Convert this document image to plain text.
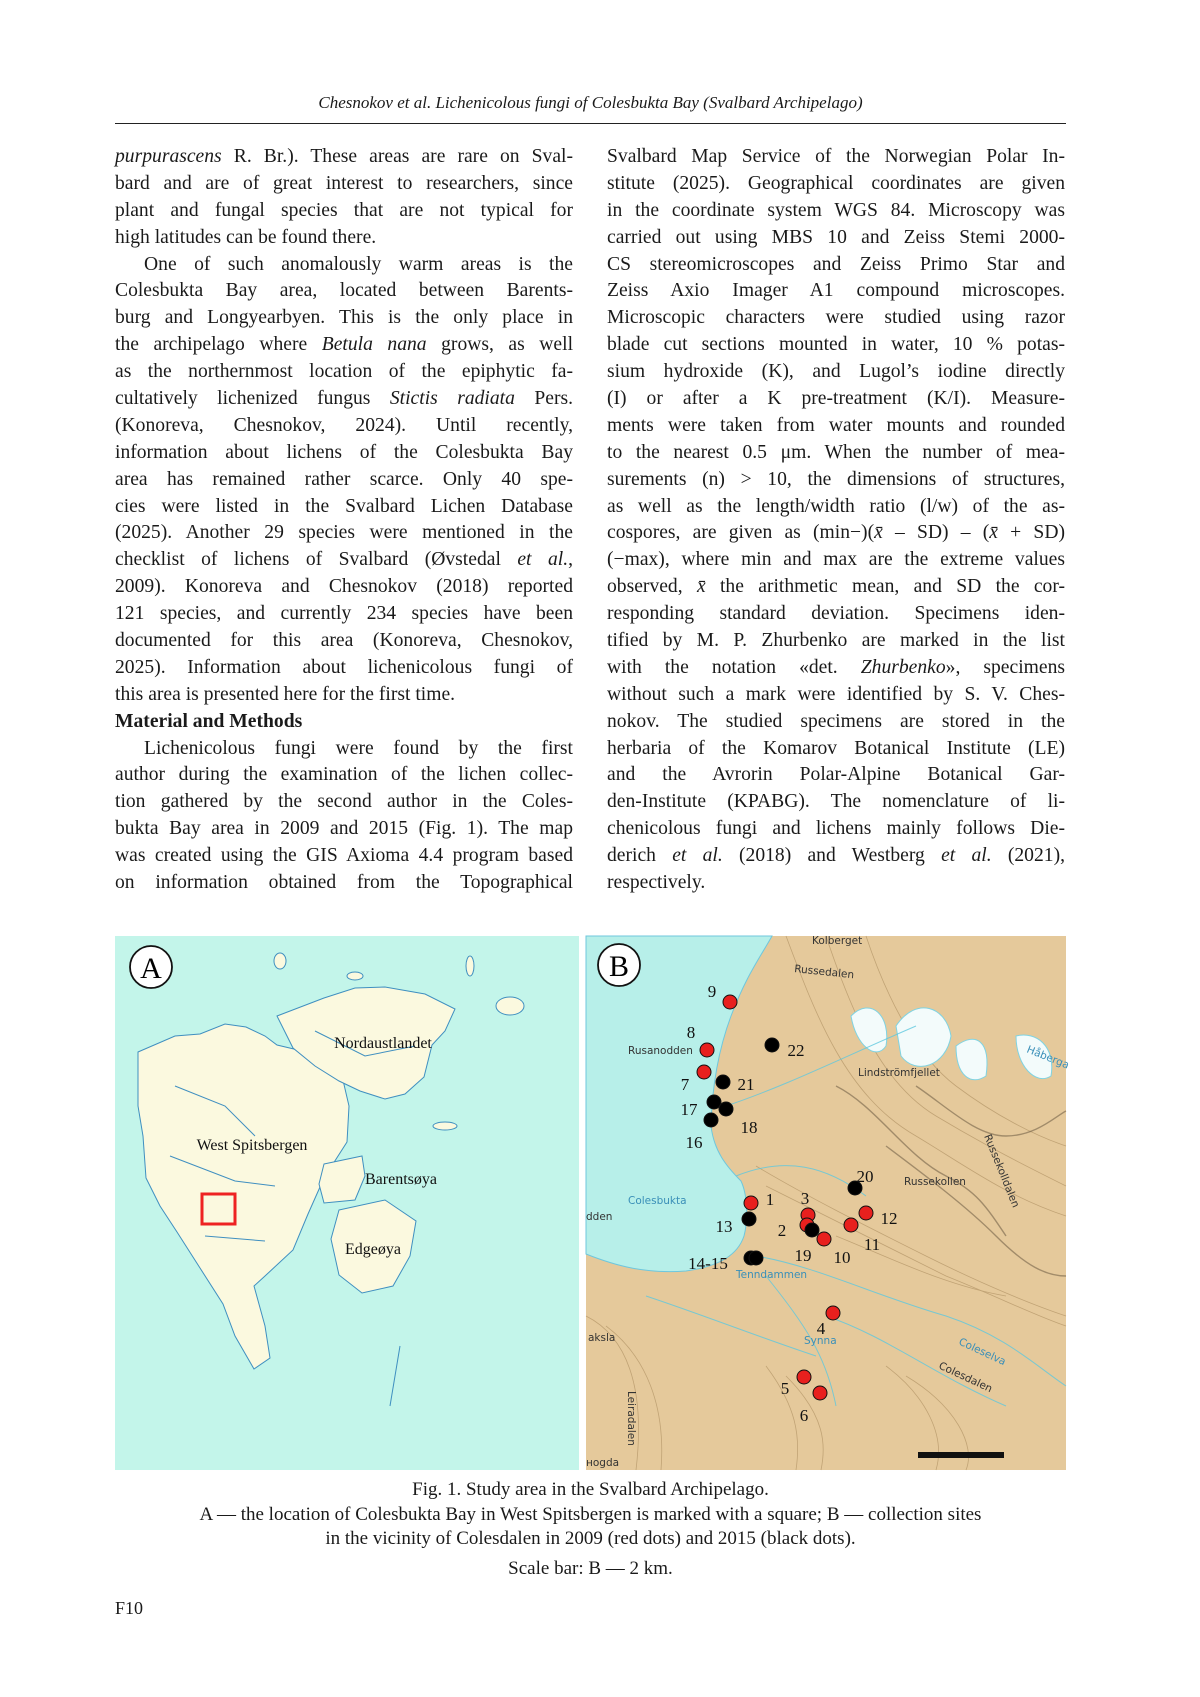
Chesnokov et al. Lichenicolous fungi of Colesbukta Bay (Svalbard Archipelago)
purpurascens R. Br.). These areas are rare on Sval-
bard and are of great interest to researchers, since
plant and fungal species that are not typical for
high latitudes can be found there.
One of such anomalously warm areas is the
Colesbukta Bay area, located between Barents-
burg and Longyearbyen. This is the only place in
the archipelago where Betula nana grows, as well
as the northernmost location of the epiphytic fa-
cultatively lichenized fungus Stictis radiata Pers.
(Konoreva, Chesnokov, 2024). Until recently,
information about lichens of the Colesbukta Bay
area has remained rather scarce. Only 40 spe-
cies were listed in the Svalbard Lichen Database
(2025). Another 29 species were mentioned in the
checklist of lichens of Svalbard (Øvstedal et al.,
2009). Konoreva and Chesnokov (2018) reported
121 species, and currently 234 species have been
documented for this area (Konoreva, Chesnokov,
2025). Information about lichenicolous fungi of
this area is presented here for the first time.
Material and Methods
Lichenicolous fungi were found by the first
author during the examination of the lichen collec-
tion gathered by the second author in the Coles-
bukta Bay area in 2009 and 2015 (Fig. 1). The map
was created using the GIS Axioma 4.4 program based
on information obtained from the Topographical
Svalbard Map Service of the Norwegian Polar In-
stitute (2025). Geographical coordinates are given
in the coordinate system WGS 84. Microscopy was
carried out using MBS 10 and Zeiss Stemi 2000-
CS stereomicroscopes and Zeiss Primo Star and
Zeiss Axio Imager A1 compound microscopes.
Microscopic characters were studied using razor
blade cut sections mounted in water, 10 % potas-
sium hydroxide (K), and Lugol’s iodine directly
(I) or after a K pre-treatment (K/I). Measure-
ments were taken from water mounts and rounded
to the nearest 0.5 μm. When the number of mea-
surements (n) > 10, the dimensions of structures,
as well as the length/width ratio (l/w) of the as-
cospores, are given as (min−)(x̄ – SD) – (x̄ + SD)
(−max), where min and max are the extreme values
observed, x̄ the arithmetic mean, and SD the cor-
responding standard deviation. Specimens iden-
tified by M. P. Zhurbenko are marked in the list
with the notation «det. Zhurbenko», specimens
without such a mark were identified by S. V. Ches-
nokov. The studied specimens are stored in the
herbaria of the Komarov Botanical Institute (LE)
and the Avrorin Polar-Alpine Botanical Gar-
den-Institute (KPABG). The nomenclature of li-
chenicolous fungi and lichens mainly follows Die-
derich et al. (2018) and Westberg et al. (2021),
respectively.
A
Nordaustlandet
West Spitsbergen
Barentsøya
Edgeøya
Kolberget
Russedalen
Rusanodden
Lindströmfjellet
Håberga
Russekollen Russekolldalen
Colesbukta
dden
Tenndammen
aksla	Synna	Coleselva
Colesdalen
Leiradalen
ноgda
9
8
22
7	21
17
18
16
20
1
13
3
2
19 10
11
12
14-15
4
5
6
B
Fig. 1. Study area in the Svalbard Archipelago.
A — the location of Colesbukta Bay in West Spitsbergen is marked with a square; B — collection sites
in the vicinity of Colesdalen in 2009 (red dots) and 2015 (black dots).
Scale bar: B — 2 km.
F10
